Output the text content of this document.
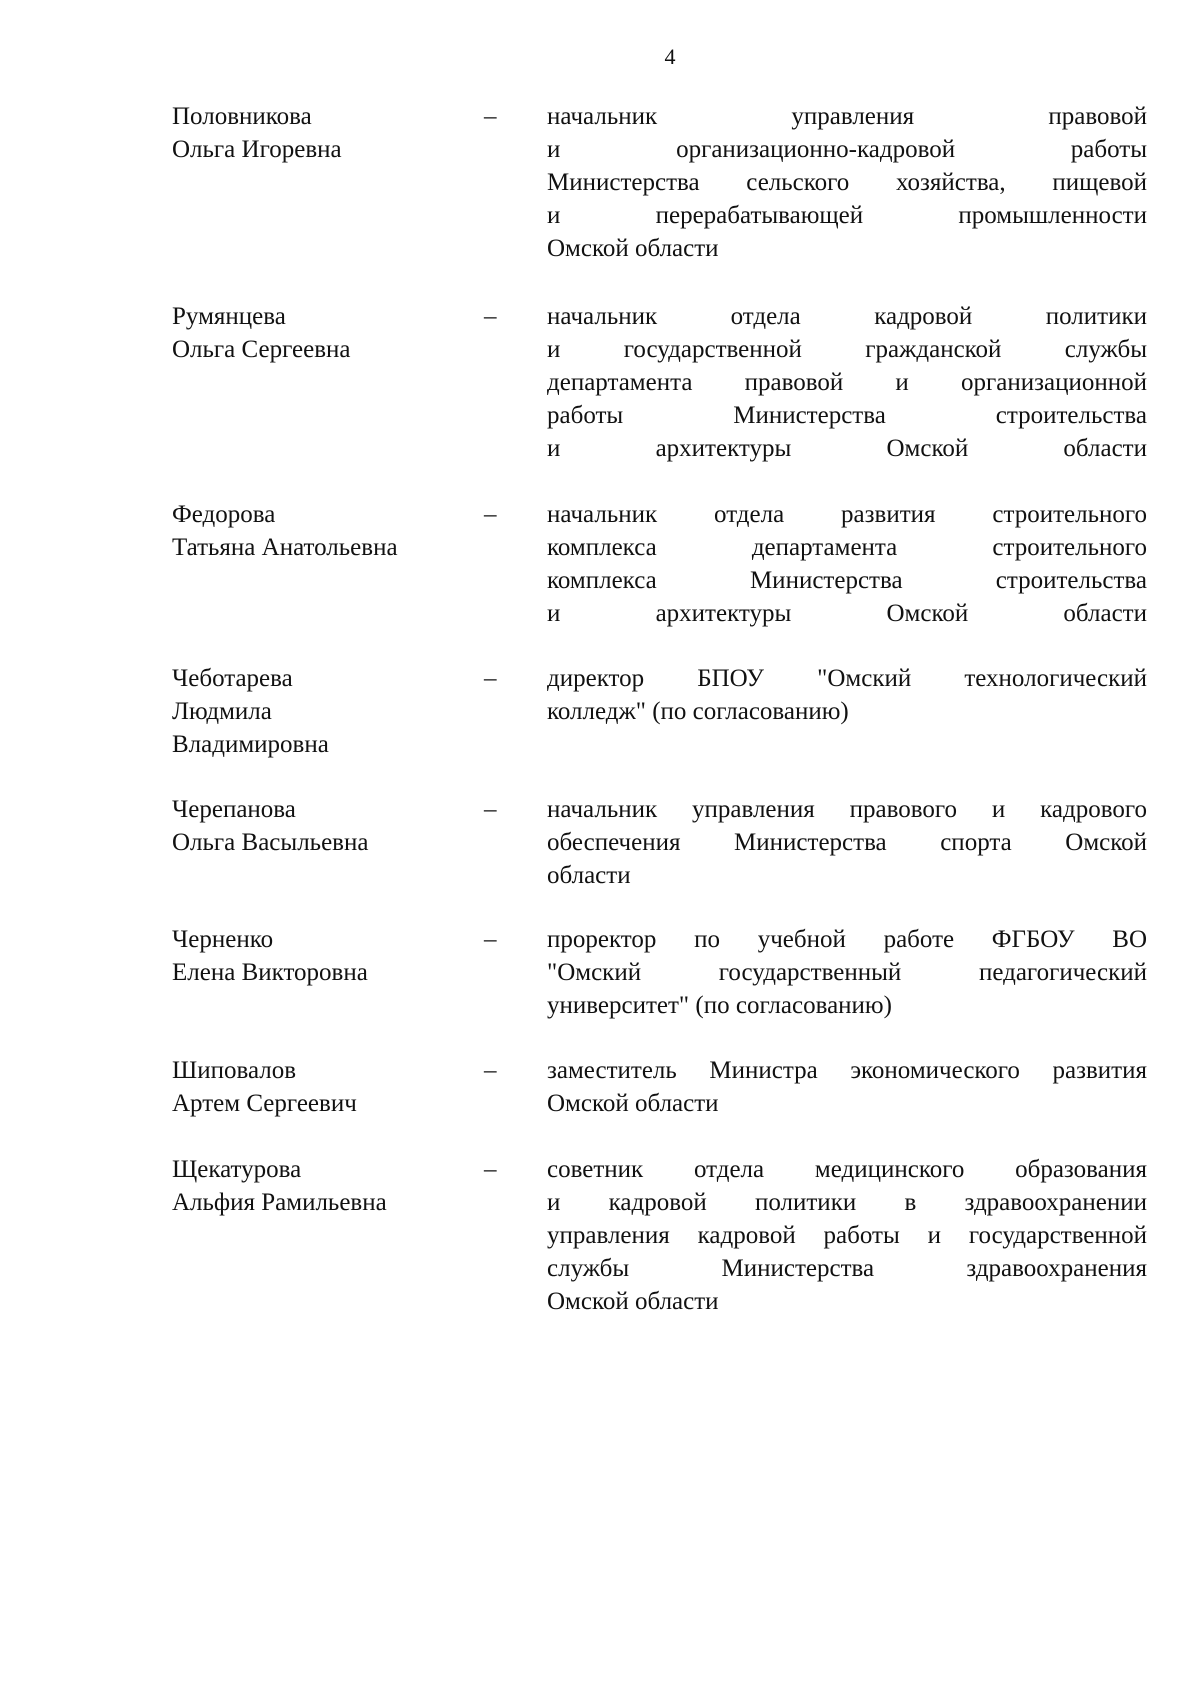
4
Половникова
Ольга Игоревна
– начальник управления правовой
и организационно-кадровой работы
Министерства сельского хозяйства, пищевой
и перерабатывающей промышленности
Омской области
Румянцева
Ольга Сергеевна
– начальник отдела кадровой политики
и государственной гражданской службы
департамента правовой и организационной
работы Министерства строительства
и архитектуры Омской области
Федорова
Татьяна Анатольевна
– начальник отдела развития строительного
комплекса департамента строительного
комплекса Министерства строительства
и архитектуры Омской области
Чеботарева
Людмила
Владимировна
– директор БПОУ "Омский технологический
колледж" (по согласованию)
Черепанова
Ольга Васыльевна
– начальник управления правового и кадрового
обеспечения Министерства спорта Омской
области
Черненко
Елена Викторовна
– проректор по учебной работе ФГБОУ ВО
"Омский государственный педагогический
университет" (по согласованию)
Шиповалов
Артем Сергеевич
– заместитель Министра экономического развития
Омской области
Щекатурова
Альфия Рамильевна
– советник отдела медицинского образования
и кадровой политики в здравоохранении
управления кадровой работы и государственной
службы Министерства здравоохранения
Омской области
